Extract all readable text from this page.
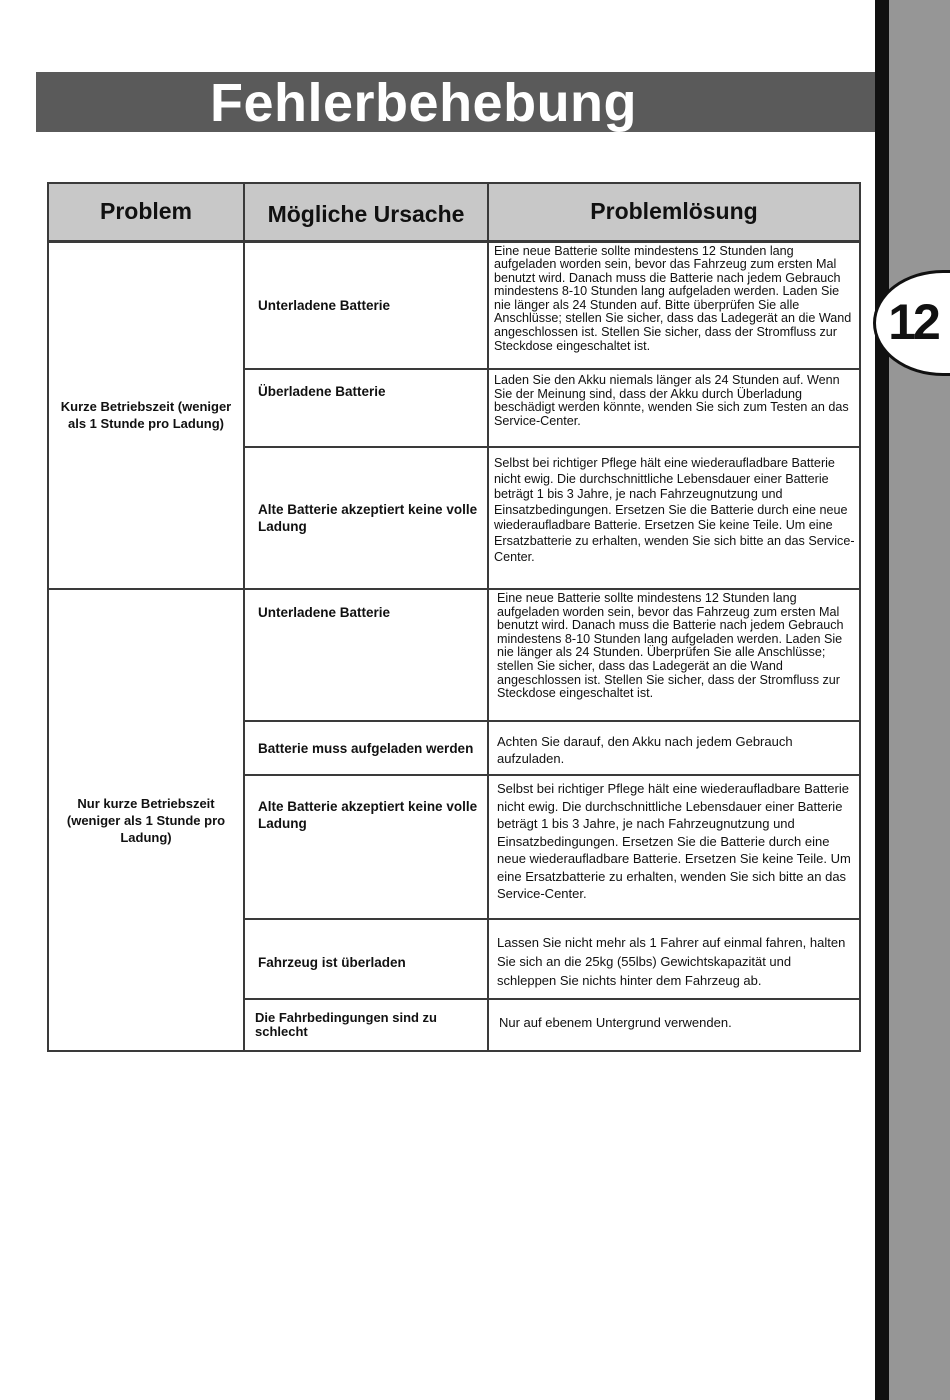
12
Fehlerbehebung
Problem	Mögliche Ursache	Problemlösung
Kurze Betriebszeit (weniger als 1 Stunde pro Ladung)	Unterladene Batterie	Eine neue Batterie sollte mindestens 12 Stunden lang aufgeladen worden sein, bevor das Fahrzeug zum ersten Mal benutzt wird. Danach muss die Batterie nach jedem Gebrauch mindestens 8-10 Stunden lang aufgeladen werden. Laden Sie nie länger als 24 Stunden auf. Bitte überprüfen Sie alle Anschlüsse; stellen Sie sicher, dass das Ladegerät an die Wand angeschlossen ist. Stellen Sie sicher, dass der Stromfluss zur Steckdose eingeschaltet ist.
	Überladene Batterie	Laden Sie den Akku niemals länger als 24 Stunden auf. Wenn Sie der Meinung sind, dass der Akku durch Überladung beschädigt werden könnte, wenden Sie sich zum Testen an das Service-Center.
	Alte Batterie akzeptiert keine volle Ladung	Selbst bei richtiger Pflege hält eine wiederaufladbare Batterie nicht ewig. Die durchschnittliche Lebensdauer einer Batterie beträgt 1 bis 3 Jahre, je nach Fahrzeugnutzung und Einsatzbedingungen. Ersetzen Sie die Batterie durch eine neue wiederaufladbare Batterie. Ersetzen Sie keine Teile. Um eine Ersatzbatterie zu erhalten, wenden Sie sich bitte an das Service-Center.
Nur kurze Betriebszeit (weniger als 1 Stunde pro Ladung)	Unterladene Batterie	Eine neue Batterie sollte mindestens 12 Stunden lang aufgeladen worden sein, bevor das Fahrzeug zum ersten Mal benutzt wird. Danach muss die Batterie nach jedem Gebrauch mindestens 8-10 Stunden lang aufgeladen werden. Laden Sie nie länger als 24 Stunden. Überprüfen Sie alle Anschlüsse; stellen Sie sicher, dass das Ladegerät an die Wand angeschlossen ist. Stellen Sie sicher, dass der Stromfluss zur Steckdose eingeschaltet ist.
	Batterie muss aufgeladen werden	Achten Sie darauf, den Akku nach jedem Gebrauch aufzuladen.
	Alte Batterie akzeptiert keine volle Ladung	Selbst bei richtiger Pflege hält eine wiederaufladbare Batterie nicht ewig. Die durchschnittliche Lebensdauer einer Batterie beträgt 1 bis 3 Jahre, je nach Fahrzeugnutzung und Einsatzbedingungen. Ersetzen Sie die Batterie durch eine neue wiederaufladbare Batterie. Ersetzen Sie keine Teile. Um eine Ersatzbatterie zu erhalten, wenden Sie sich bitte an das Service-Center.
	Fahrzeug ist überladen	Lassen Sie nicht mehr als 1 Fahrer auf einmal fahren, halten Sie sich an die 25kg (55lbs) Gewichtskapazität und schleppen Sie nichts hinter dem Fahrzeug ab.
	Die Fahrbedingungen sind zu schlecht	Nur auf ebenem Untergrund verwenden.
